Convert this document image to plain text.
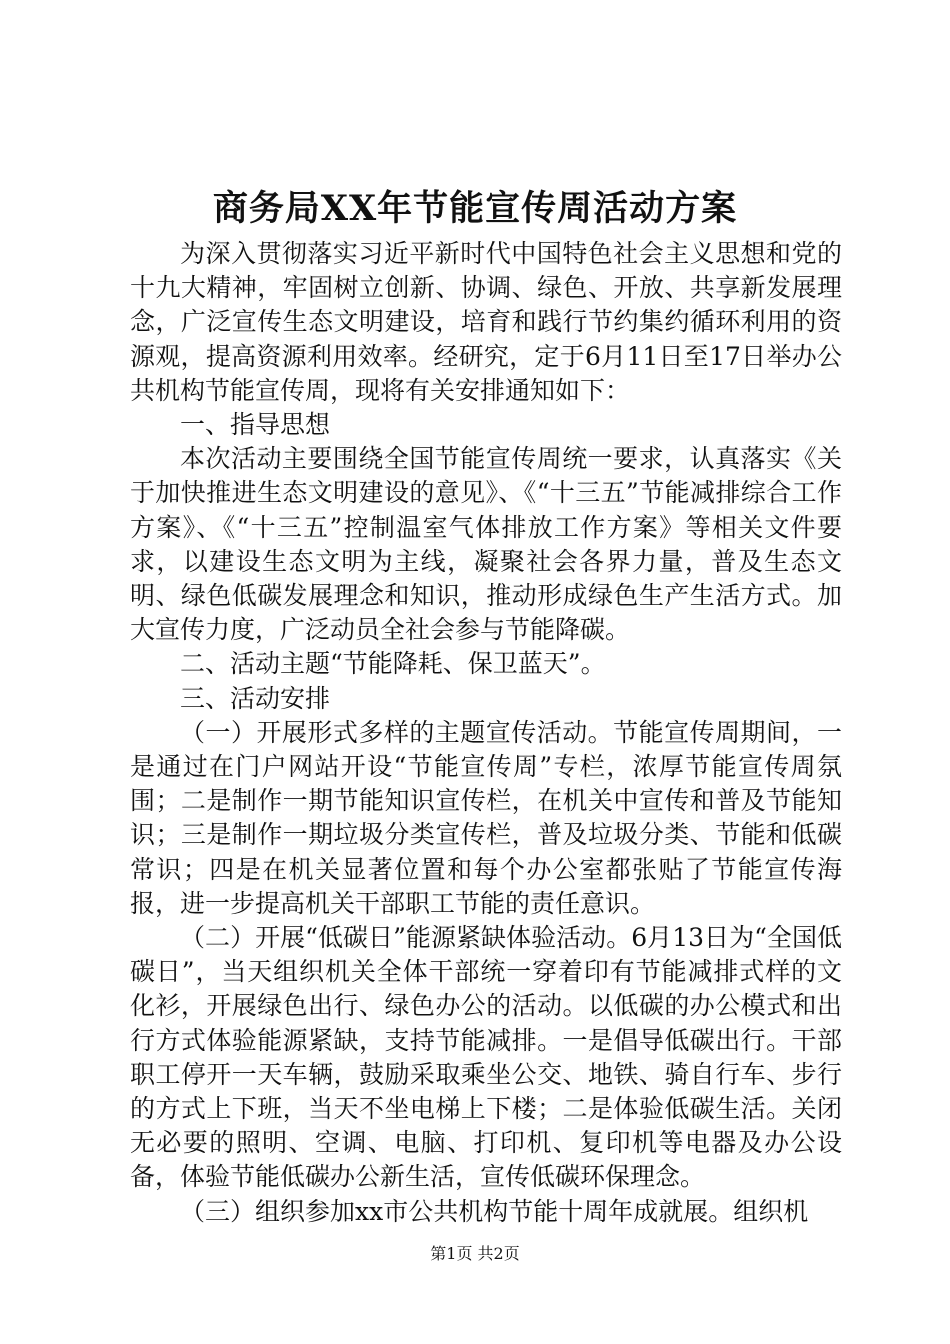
商务局XX年节能宣传周活动方案

为深入贯彻落实习近平新时代中国特色社会主义思想和党的十九大精神，牢固树立创新、协调、绿色、开放、共享新发展理念，广泛宣传生态文明建设，培育和践行节约集约循环利用的资源观，提高资源利用效率。经研究，定于6月11日至17日举办公共机构节能宣传周，现将有关安排通知如下：

一、指导思想

本次活动主要围绕全国节能宣传周统一要求，认真落实《关于加快推进生态文明建设的意见》、《“十三五”节能减排综合工作方案》、《“十三五”控制温室气体排放工作方案》等相关文件要求，以建设生态文明为主线，凝聚社会各界力量，普及生态文明、绿色低碳发展理念和知识，推动形成绿色生产生活方式。加大宣传力度，广泛动员全社会参与节能降碳。

二、活动主题“节能降耗、保卫蓝天”。

三、活动安排

（一）开展形式多样的主题宣传活动。节能宣传周期间，一是通过在门户网站开设“节能宣传周”专栏，浓厚节能宣传周氛围；二是制作一期节能知识宣传栏，在机关中宣传和普及节能知识；三是制作一期垃圾分类宣传栏，普及垃圾分类、节能和低碳常识；四是在机关显著位置和每个办公室都张贴了节能宣传海报，进一步提高机关干部职工节能的责任意识。

（二）开展“低碳日”能源紧缺体验活动。6月13日为“全国低碳日”，当天组织机关全体干部统一穿着印有节能减排式样的文化衫，开展绿色出行、绿色办公的活动。以低碳的办公模式和出行方式体验能源紧缺，支持节能减排。一是倡导低碳出行。干部职工停开一天车辆，鼓励采取乘坐公交、地铁、骑自行车、步行的方式上下班，当天不坐电梯上下楼；二是体验低碳生活。关闭无必要的照明、空调、电脑、打印机、复印机等电器及办公设备，体验节能低碳办公新生活，宣传低碳环保理念。

（三）组织参加xx市公共机构节能十周年成就展。组织机

第1页 共2页
